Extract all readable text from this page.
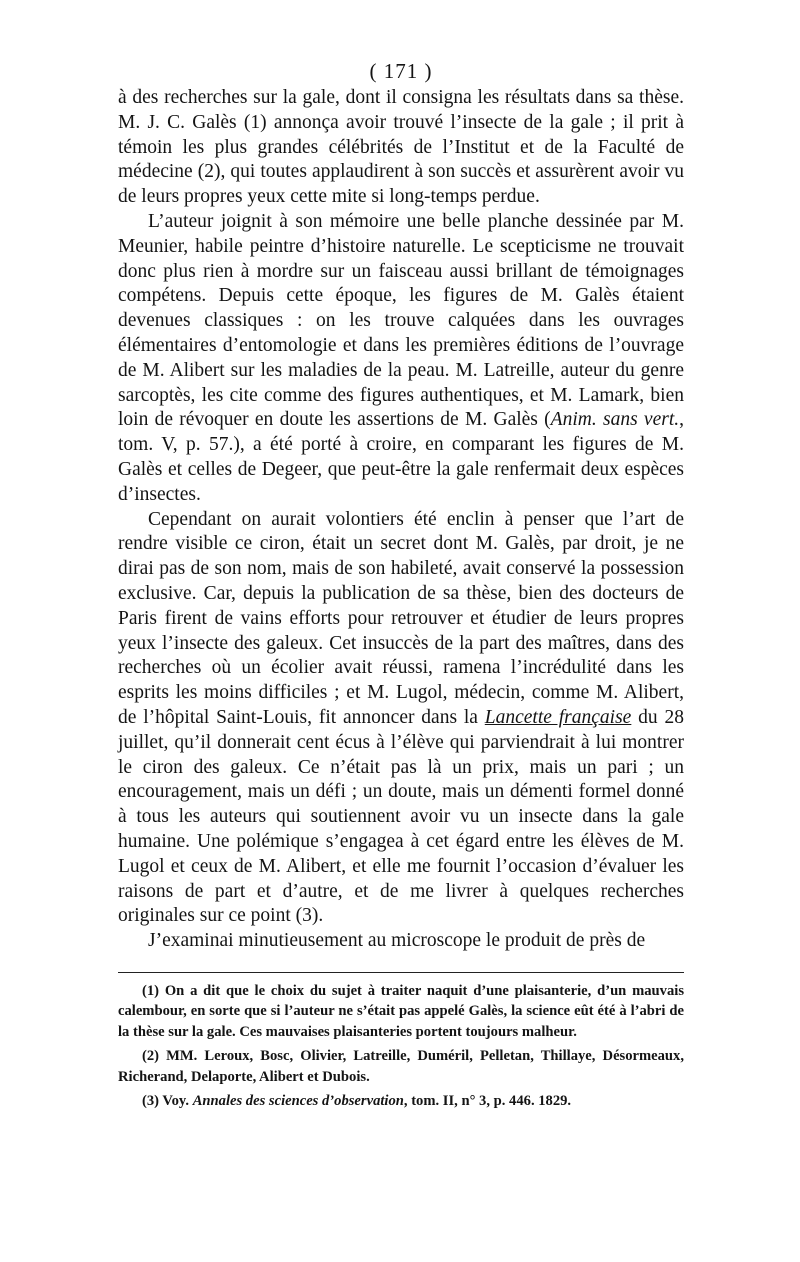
( 171 )

à des recherches sur la gale, dont il consigna les résultats dans sa thèse. M. J. C. Galès (1) annonça avoir trouvé l’insecte de la gale ; il prit à témoin les plus grandes célébrités de l’Institut et de la Faculté de médecine (2), qui toutes applaudirent à son succès et assurèrent avoir vu de leurs propres yeux cette mite si long-temps perdue.

L’auteur joignit à son mémoire une belle planche dessinée par M. Meunier, habile peintre d’histoire naturelle. Le scepticisme ne trouvait donc plus rien à mordre sur un faisceau aussi brillant de témoignages compétens. Depuis cette époque, les figures de M. Galès étaient devenues classiques : on les trouve calquées dans les ouvrages élémentaires d’entomologie et dans les premières éditions de l’ouvrage de M. Alibert sur les maladies de la peau. M. Latreille, auteur du genre sarcoptès, les cite comme des figures authentiques, et M. Lamark, bien loin de révoquer en doute les assertions de M. Galès (Anim. sans vert., tom. V, p. 57.), a été porté à croire, en comparant les figures de M. Galès et celles de Degeer, que peut-être la gale renfermait deux espèces d’insectes.

Cependant on aurait volontiers été enclin à penser que l’art de rendre visible ce ciron, était un secret dont M. Galès, par droit, je ne dirai pas de son nom, mais de son habileté, avait conservé la possession exclusive. Car, depuis la publication de sa thèse, bien des docteurs de Paris firent de vains efforts pour retrouver et étudier de leurs propres yeux l’insecte des galeux. Cet insuccès de la part des maîtres, dans des recherches où un écolier avait réussi, ramena l’incrédulité dans les esprits les moins difficiles ; et M. Lugol, médecin, comme M. Alibert, de l’hôpital Saint-Louis, fit annoncer dans la Lancette française du 28 juillet, qu’il donnerait cent écus à l’élève qui parviendrait à lui montrer le ciron des galeux. Ce n’était pas là un prix, mais un pari ; un encouragement, mais un défi ; un doute, mais un démenti formel donné à tous les auteurs qui soutiennent avoir vu un insecte dans la gale humaine. Une polémique s’engagea à cet égard entre les élèves de M. Lugol et ceux de M. Alibert, et elle me fournit l’occasion d’évaluer les raisons de part et d’autre, et de me livrer à quelques recherches originales sur ce point (3).

J’examinai minutieusement au microscope le produit de près de

(1) On a dit que le choix du sujet à traiter naquit d’une plaisanterie, d’un mauvais calembour, en sorte que si l’auteur ne s’était pas appelé Galès, la science eût été à l’abri de la thèse sur la gale. Ces mauvaises plaisanteries portent toujours malheur.

(2) MM. Leroux, Bosc, Olivier, Latreille, Duméril, Pelletan, Thillaye, Désormeaux, Richerand, Delaporte, Alibert et Dubois.

(3) Voy. Annales des sciences d’observation, tom. II, n° 3, p. 446. 1829.
